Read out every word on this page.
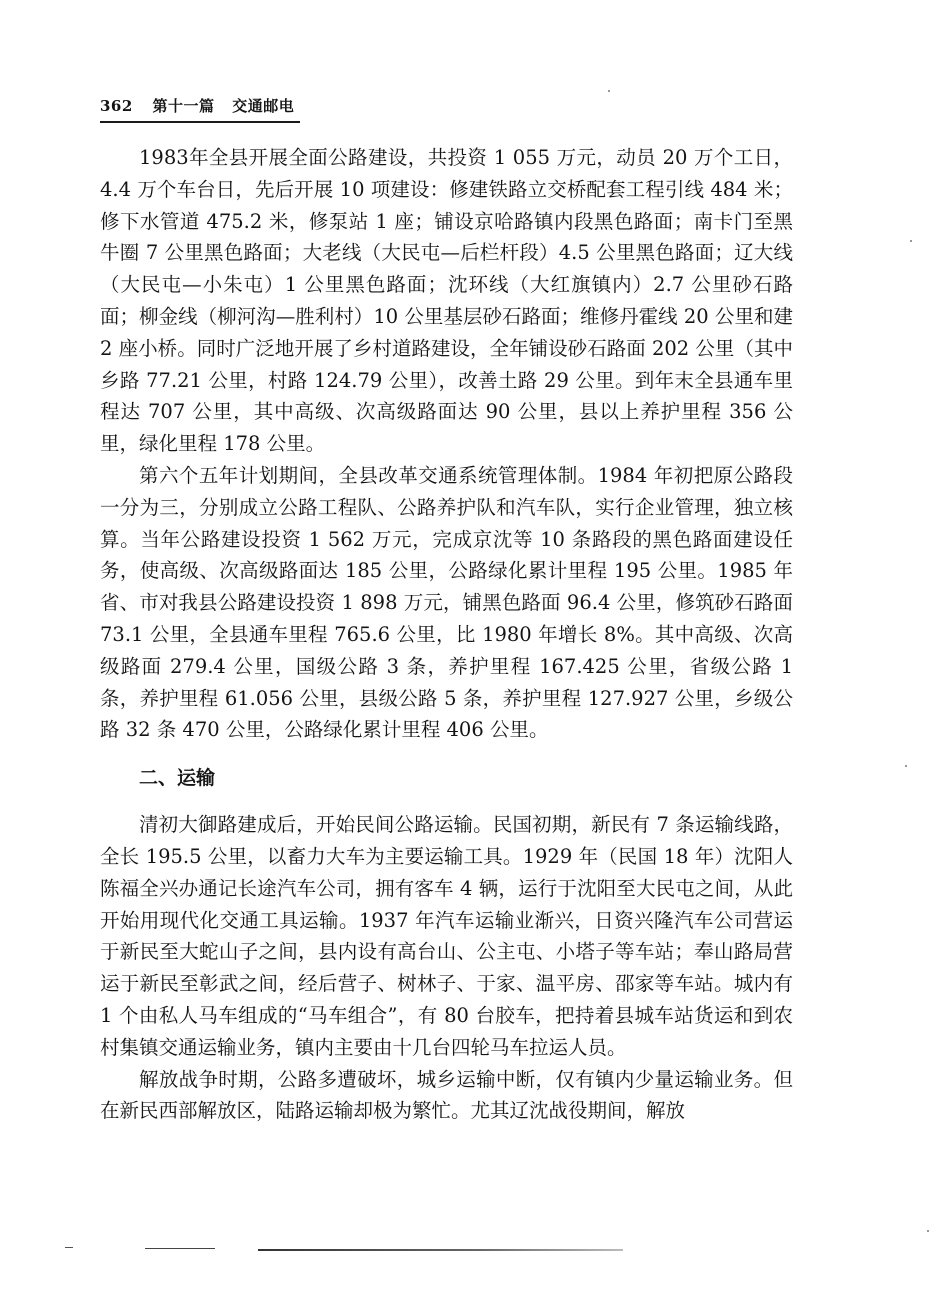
362 第十一篇 交通邮电

1983年全县开展全面公路建设，共投资 1 055 万元，动员 20 万个工日，4.4 万个车台日，先后开展 10 项建设：修建铁路立交桥配套工程引线 484 米；修下水管道 475.2 米，修泵站 1 座；铺设京哈路镇内段黑色路面；南卡门至黑牛圈 7 公里黑色路面；大老线（大民屯—后栏杆段）4.5 公里黑色路面；辽大线（大民屯—小朱屯）1 公里黑色路面；沈环线（大红旗镇内）2.7 公里砂石路面；柳金线（柳河沟—胜利村）10 公里基层砂石路面；维修丹霍线 20 公里和建 2 座小桥。同时广泛地开展了乡村道路建设，全年铺设砂石路面 202 公里（其中乡路 77.21 公里，村路 124.79 公里），改善土路 29 公里。到年末全县通车里程达 707 公里，其中高级、次高级路面达 90 公里，县以上养护里程 356 公里，绿化里程 178 公里。

第六个五年计划期间，全县改革交通系统管理体制。1984 年初把原公路段一分为三，分别成立公路工程队、公路养护队和汽车队，实行企业管理，独立核算。当年公路建设投资 1 562 万元，完成京沈等 10 条路段的黑色路面建设任务，使高级、次高级路面达 185 公里，公路绿化累计里程 195 公里。1985 年省、市对我县公路建设投资 1 898 万元，铺黑色路面 96.4 公里，修筑砂石路面 73.1 公里，全县通车里程 765.6 公里，比 1980 年增长 8%。其中高级、次高级路面 279.4 公里，国级公路 3 条，养护里程 167.425 公里，省级公路 1 条，养护里程 61.056 公里，县级公路 5 条，养护里程 127.927 公里，乡级公路 32 条 470 公里，公路绿化累计里程 406 公里。

二、运输

清初大御路建成后，开始民间公路运输。民国初期，新民有 7 条运输线路，全长 195.5 公里，以畜力大车为主要运输工具。1929 年（民国 18 年）沈阳人陈福全兴办通记长途汽车公司，拥有客车 4 辆，运行于沈阳至大民屯之间，从此开始用现代化交通工具运输。1937 年汽车运输业渐兴，日资兴隆汽车公司营运于新民至大蛇山子之间，县内设有高台山、公主屯、小塔子等车站；奉山路局营运于新民至彰武之间，经后营子、树林子、于家、温平房、邵家等车站。城内有 1 个由私人马车组成的“马车组合”，有 80 台胶车，把持着县城车站货运和到农村集镇交通运输业务，镇内主要由十几台四轮马车拉运人员。

解放战争时期，公路多遭破坏，城乡运输中断，仅有镇内少量运输业务。但在新民西部解放区，陆路运输却极为繁忙。尤其辽沈战役期间，解放
